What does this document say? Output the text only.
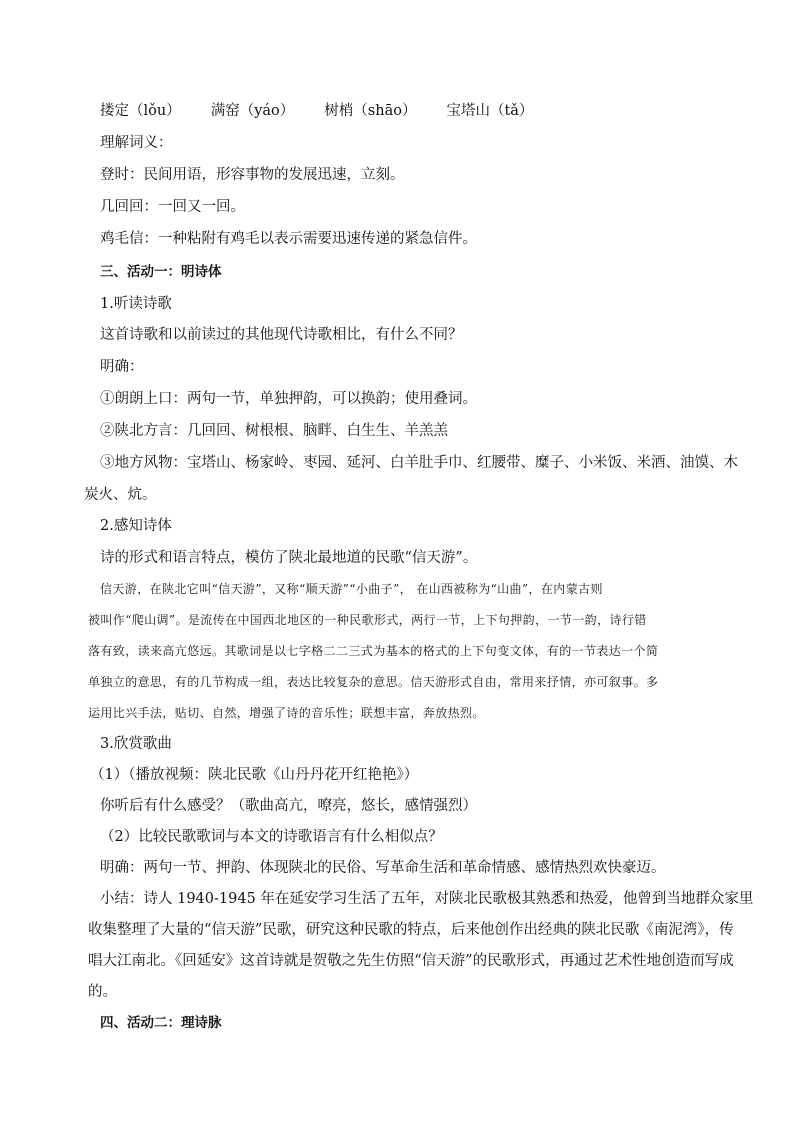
搂定（lǒu） 满窑（yáo） 树梢（shāo） 宝塔山（tǎ）
理解词义：
登时：民间用语，形容事物的发展迅速，立刻。
几回回：一回又一回。
鸡毛信：一种粘附有鸡毛以表示需要迅速传递的紧急信件。
三、活动一：明诗体
1.听读诗歌
这首诗歌和以前读过的其他现代诗歌相比，有什么不同？
明确：
①朗朗上口：两句一节，单独押韵，可以换韵；使用叠词。
②陕北方言：几回回、树根根、脑畔、白生生、羊羔羔
③地方风物：宝塔山、杨家岭、枣园、延河、白羊肚手巾、红腰带、糜子、小米饭、米酒、油馍、木
炭火、炕。
2.感知诗体
诗的形式和语言特点，模仿了陕北最地道的民歌“信天游”。
信天游，在陕北它叫“信天游”，又称“顺天游”“小曲子”， 在山西被称为“山曲”，在内蒙古则
被叫作“爬山调”。是流传在中国西北地区的一种民歌形式，两行一节，上下句押韵，一节一韵，诗行错
落有致，读来高亢悠远。其歌词是以七字格二二三式为基本的格式的上下句变文体，有的一节表达一个简
单独立的意思，有的几节构成一组，表达比较复杂的意思。信天游形式自由，常用来抒情，亦可叙事。多
运用比兴手法，贴切、自然，增强了诗的音乐性；联想丰富，奔放热烈。
3.欣赏歌曲
（1）（播放视频：陕北民歌《山丹丹花开红艳艳》）
你听后有什么感受？（歌曲高亢，嘹亮，悠长，感情强烈）
（2）比较民歌歌词与本文的诗歌语言有什么相似点？
明确：两句一节、押韵、体现陕北的民俗、写革命生活和革命情感、感情热烈欢快豪迈。
小结：诗人 1940-1945 年在延安学习生活了五年，对陕北民歌极其熟悉和热爱，他曾到当地群众家里
收集整理了大量的“信天游”民歌，研究这种民歌的特点，后来他创作出经典的陕北民歌《南泥湾》，传
唱大江南北。《回延安》这首诗就是贺敬之先生仿照“信天游”的民歌形式，再通过艺术性地创造而写成
的。
四、活动二：理诗脉
